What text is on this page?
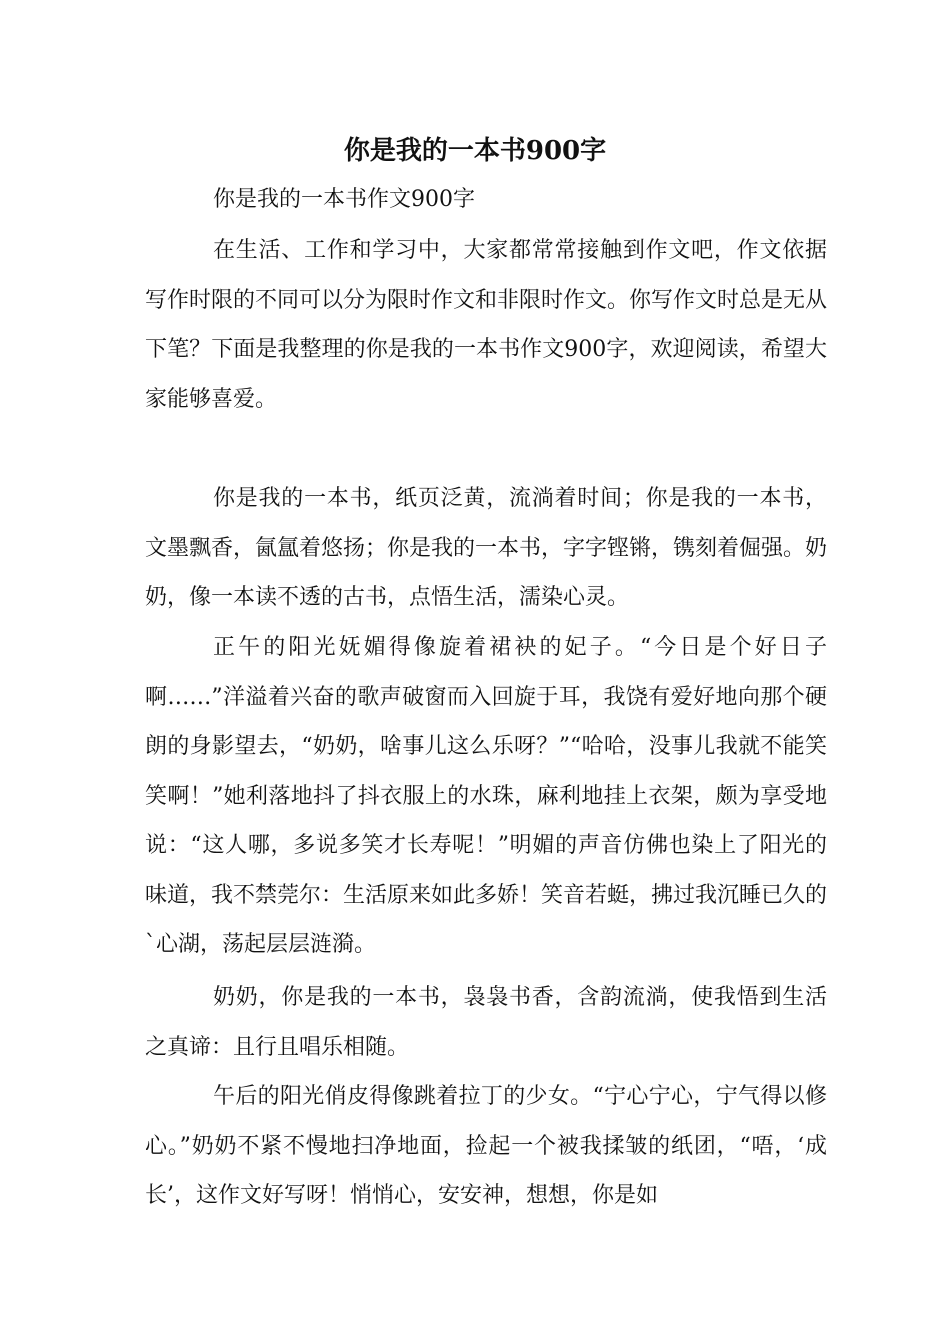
你是我的一本书900字
你是我的一本书作文900字

在生活、工作和学习中，大家都常常接触到作文吧，作文依据写作时限的不同可以分为限时作文和非限时作文。你写作文时总是无从下笔？下面是我整理的你是我的一本书作文900字，欢迎阅读，希望大家能够喜爱。

你是我的一本书，纸页泛黄，流淌着时间；你是我的一本书，文墨飘香，氤氲着悠扬；你是我的一本书，字字铿锵，镌刻着倔强。奶奶，像一本读不透的古书，点悟生活，濡染心灵。

正午的阳光妩媚得像旋着裙袂的妃子。“今日是个好日子啊……”洋溢着兴奋的歌声破窗而入回旋于耳，我饶有爱好地向那个硬朗的身影望去，“奶奶，啥事儿这么乐呀？”“哈哈，没事儿我就不能笑笑啊！”她利落地抖了抖衣服上的水珠，麻利地挂上衣架，颇为享受地说：“这人哪，多说多笑才长寿呢！”明媚的声音仿佛也染上了阳光的味道，我不禁莞尔：生活原来如此多娇！笑音若蜓，拂过我沉睡已久的`心湖，荡起层层涟漪。

奶奶，你是我的一本书，袅袅书香，含韵流淌，使我悟到生活之真谛：且行且唱乐相随。

午后的阳光俏皮得像跳着拉丁的少女。“宁心宁心，宁气得以修心。”奶奶不紧不慢地扫净地面，捡起一个被我揉皱的纸团，“唔，‘成长’，这作文好写呀！悄悄心，安安神，想想，你是如
